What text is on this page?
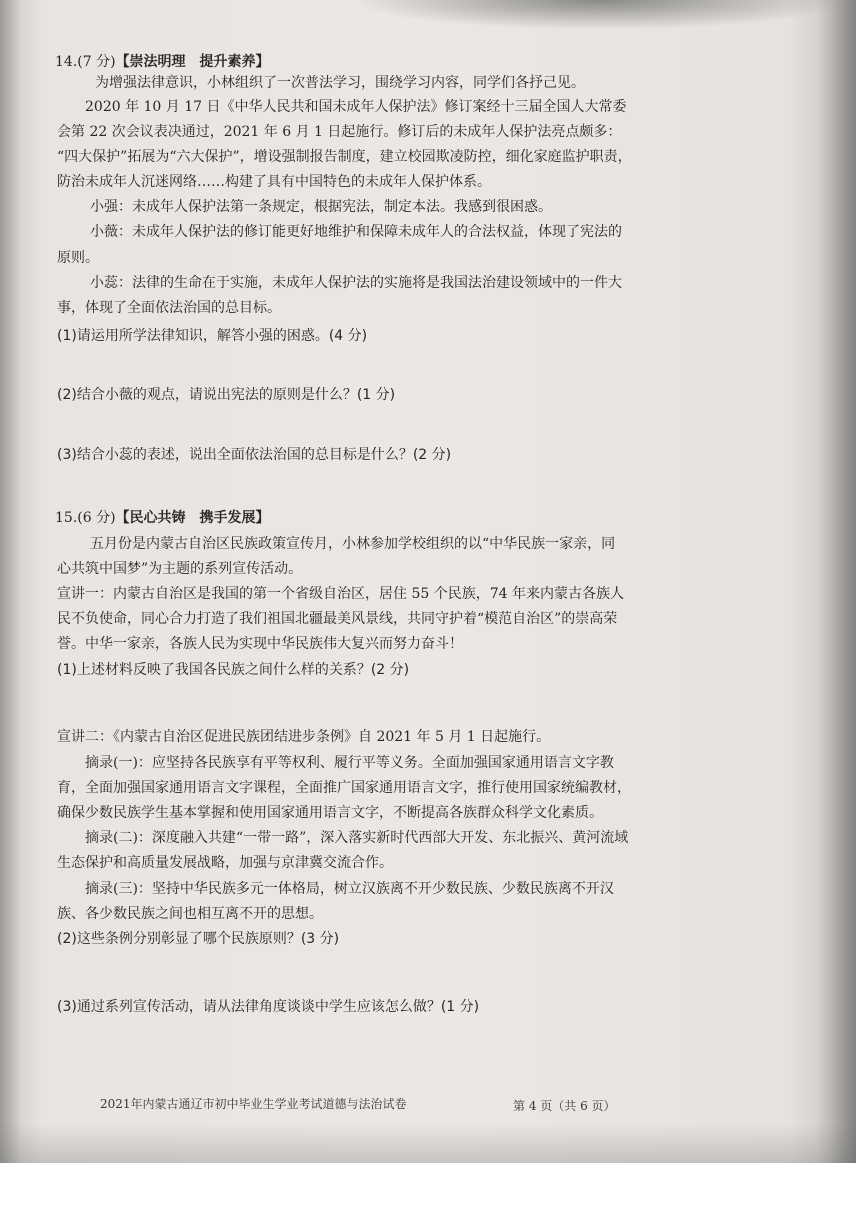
14.(7 分)【崇法明理　提升素养】
为增强法律意识，小林组织了一次普法学习，围绕学习内容，同学们各抒己见。
2020 年 10 月 17 日《中华人民共和国未成年人保护法》修订案经十三届全国人大常委
会第 22 次会议表决通过，2021 年 6 月 1 日起施行。修订后的未成年人保护法亮点颇多：
“四大保护”拓展为“六大保护”，增设强制报告制度，建立校园欺凌防控，细化家庭监护职责，
防治未成年人沉迷网络……构建了具有中国特色的未成年人保护体系。
小强：未成年人保护法第一条规定，根据宪法，制定本法。我感到很困惑。
小薇：未成年人保护法的修订能更好地维护和保障未成年人的合法权益，体现了宪法的
原则。
小蕊：法律的生命在于实施，未成年人保护法的实施将是我国法治建设领域中的一件大
事，体现了全面依法治国的总目标。
(1)请运用所学法律知识，解答小强的困惑。(4 分)
(2)结合小薇的观点，请说出宪法的原则是什么？(1 分)
(3)结合小蕊的表述，说出全面依法治国的总目标是什么？(2 分)
15.(6 分)【民心共铸　携手发展】
五月份是内蒙古自治区民族政策宣传月，小林参加学校组织的以“中华民族一家亲，同
心共筑中国梦”为主题的系列宣传活动。
宣讲一：内蒙古自治区是我国的第一个省级自治区，居住 55 个民族，74 年来内蒙古各族人
民不负使命，同心合力打造了我们祖国北疆最美风景线，共同守护着“模范自治区”的崇高荣
誉。中华一家亲，各族人民为实现中华民族伟大复兴而努力奋斗！
(1)上述材料反映了我国各民族之间什么样的关系？(2 分)
宣讲二：《内蒙古自治区促进民族团结进步条例》自 2021 年 5 月 1 日起施行。
摘录(一)：应坚持各民族享有平等权利、履行平等义务。全面加强国家通用语言文字教
育，全面加强国家通用语言文字课程，全面推广国家通用语言文字，推行使用国家统编教材，
确保少数民族学生基本掌握和使用国家通用语言文字，不断提高各族群众科学文化素质。
摘录(二)：深度融入共建“一带一路”，深入落实新时代西部大开发、东北振兴、黄河流域
生态保护和高质量发展战略，加强与京津冀交流合作。
摘录(三)：坚持中华民族多元一体格局，树立汉族离不开少数民族、少数民族离不开汉
族、各少数民族之间也相互离不开的思想。
(2)这些条例分别彰显了哪个民族原则？(3 分)
(3)通过系列宣传活动，请从法律角度谈谈中学生应该怎么做？(1 分)
2021年内蒙古通辽市初中毕业生学业考试道德与法治试卷	第 4 页（共 6 页）
